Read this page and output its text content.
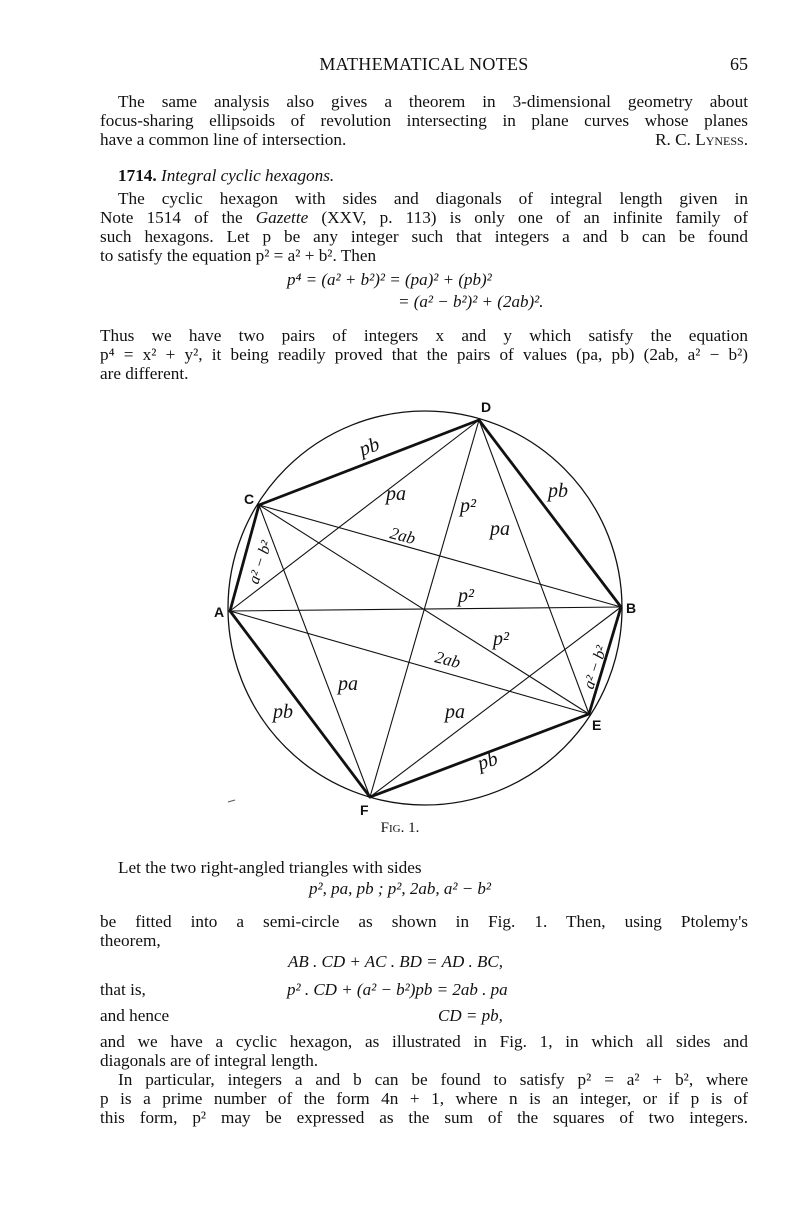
MATHEMATICAL NOTES	65
The same analysis also gives a theorem in 3-dimensional geometry about
focus-sharing ellipsoids of revolution intersecting in plane curves whose planes
have a common line of intersection.	R. C. Lyness.
1714. Integral cyclic hexagons.
The cyclic hexagon with sides and diagonals of integral length given in
Note 1514 of the Gazette (XXV, p. 113) is only one of an infinite family of
such hexagons. Let p be any integer such that integers a and b can be found
to satisfy the equation p² = a² + b². Then
p⁴ = (a² + b²)² = (pa)² + (pb)²
= (a² − b²)² + (2ab)².
Thus we have two pairs of integers x and y which satisfy the equation
p⁴ = x² + y², it being readily proved that the pairs of values (pa, pb) (2ab, a² − b²)
are different.
A	B
C
D
E
F
pb
pb
pb
pb
pa
pa
pa
pa
2ab
2ab
p²
p²
p²
a² − b²
a² − b²
Fig. 1.
Let the two right-angled triangles with sides
p², pa, pb ; p², 2ab, a² − b²
be fitted into a semi-circle as shown in Fig. 1. Then, using Ptolemy's
theorem,
AB . CD + AC . BD = AD . BC,
that is,	p² . CD + (a² − b²)pb = 2ab . pa
and hence	CD = pb,
and we have a cyclic hexagon, as illustrated in Fig. 1, in which all sides and
diagonals are of integral length.
In particular, integers a and b can be found to satisfy p² = a² + b², where
p is a prime number of the form 4n + 1, where n is an integer, or if p is of
this form, p² may be expressed as the sum of the squares of two integers.
